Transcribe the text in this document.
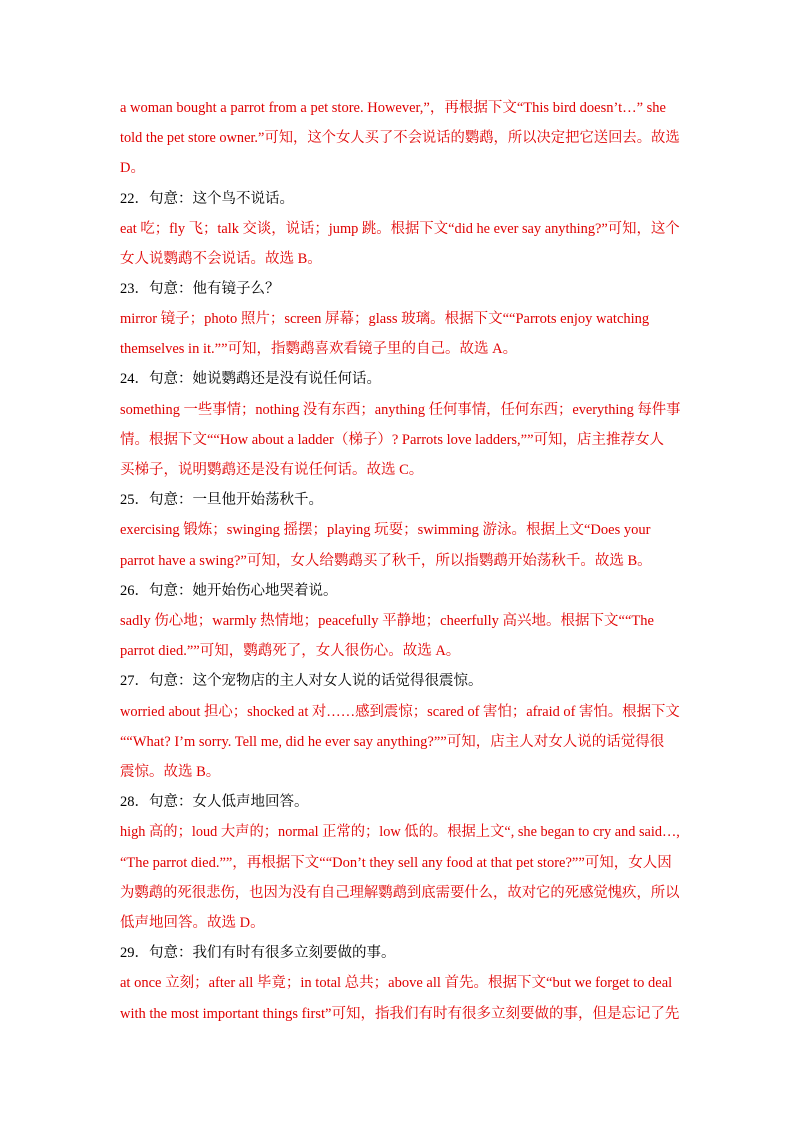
a woman bought a parrot from a pet store. However,”，再根据下文“This bird doesn’t…” she
told the pet store owner.”可知，这个女人买了不会说话的鹦鹉，所以决定把它送回去。故选
D。
22．句意：这个鸟不说话。
eat 吃；fly 飞；talk 交谈，说话；jump 跳。根据下文“did he ever say anything?”可知，这个
女人说鹦鹉不会说话。故选 B。
23．句意：他有镜子么？
mirror 镜子；photo 照片；screen 屏幕；glass 玻璃。根据下文““Parrots enjoy watching
themselves in it.””可知，指鹦鹉喜欢看镜子里的自己。故选 A。
24．句意：她说鹦鹉还是没有说任何话。
something 一些事情；nothing 没有东西；anything 任何事情，任何东西；everything 每件事
情。根据下文““How about a ladder（梯子）? Parrots love ladders,””可知，店主推荐女人
买梯子，说明鹦鹉还是没有说任何话。故选 C。
25．句意：一旦他开始荡秋千。
exercising 锻炼；swinging 摇摆；playing 玩耍；swimming 游泳。根据上文“Does your
parrot have a swing?”可知，女人给鹦鹉买了秋千，所以指鹦鹉开始荡秋千。故选 B。
26．句意：她开始伤心地哭着说。
sadly 伤心地；warmly 热情地；peacefully 平静地；cheerfully 高兴地。根据下文““The
parrot died.””可知，鹦鹉死了，女人很伤心。故选 A。
27．句意：这个宠物店的主人对女人说的话觉得很震惊。
worried about 担心；shocked at 对……感到震惊；scared of 害怕；afraid of 害怕。根据下文
““What? I’m sorry. Tell me, did he ever say anything?””可知，店主人对女人说的话觉得很
震惊。故选 B。
28．句意：女人低声地回答。
high 高的；loud 大声的；normal 正常的；low 低的。根据上文“, she began to cry and said…,
“The parrot died.””，再根据下文““Don’t they sell any food at that pet store?””可知，女人因
为鹦鹉的死很悲伤，也因为没有自己理解鹦鹉到底需要什么，故对它的死感觉愧疚，所以
低声地回答。故选 D。
29．句意：我们有时有很多立刻要做的事。
at once 立刻；after all 毕竟；in total 总共；above all 首先。根据下文“but we forget to deal
with the most important things first”可知，指我们有时有很多立刻要做的事，但是忘记了先
